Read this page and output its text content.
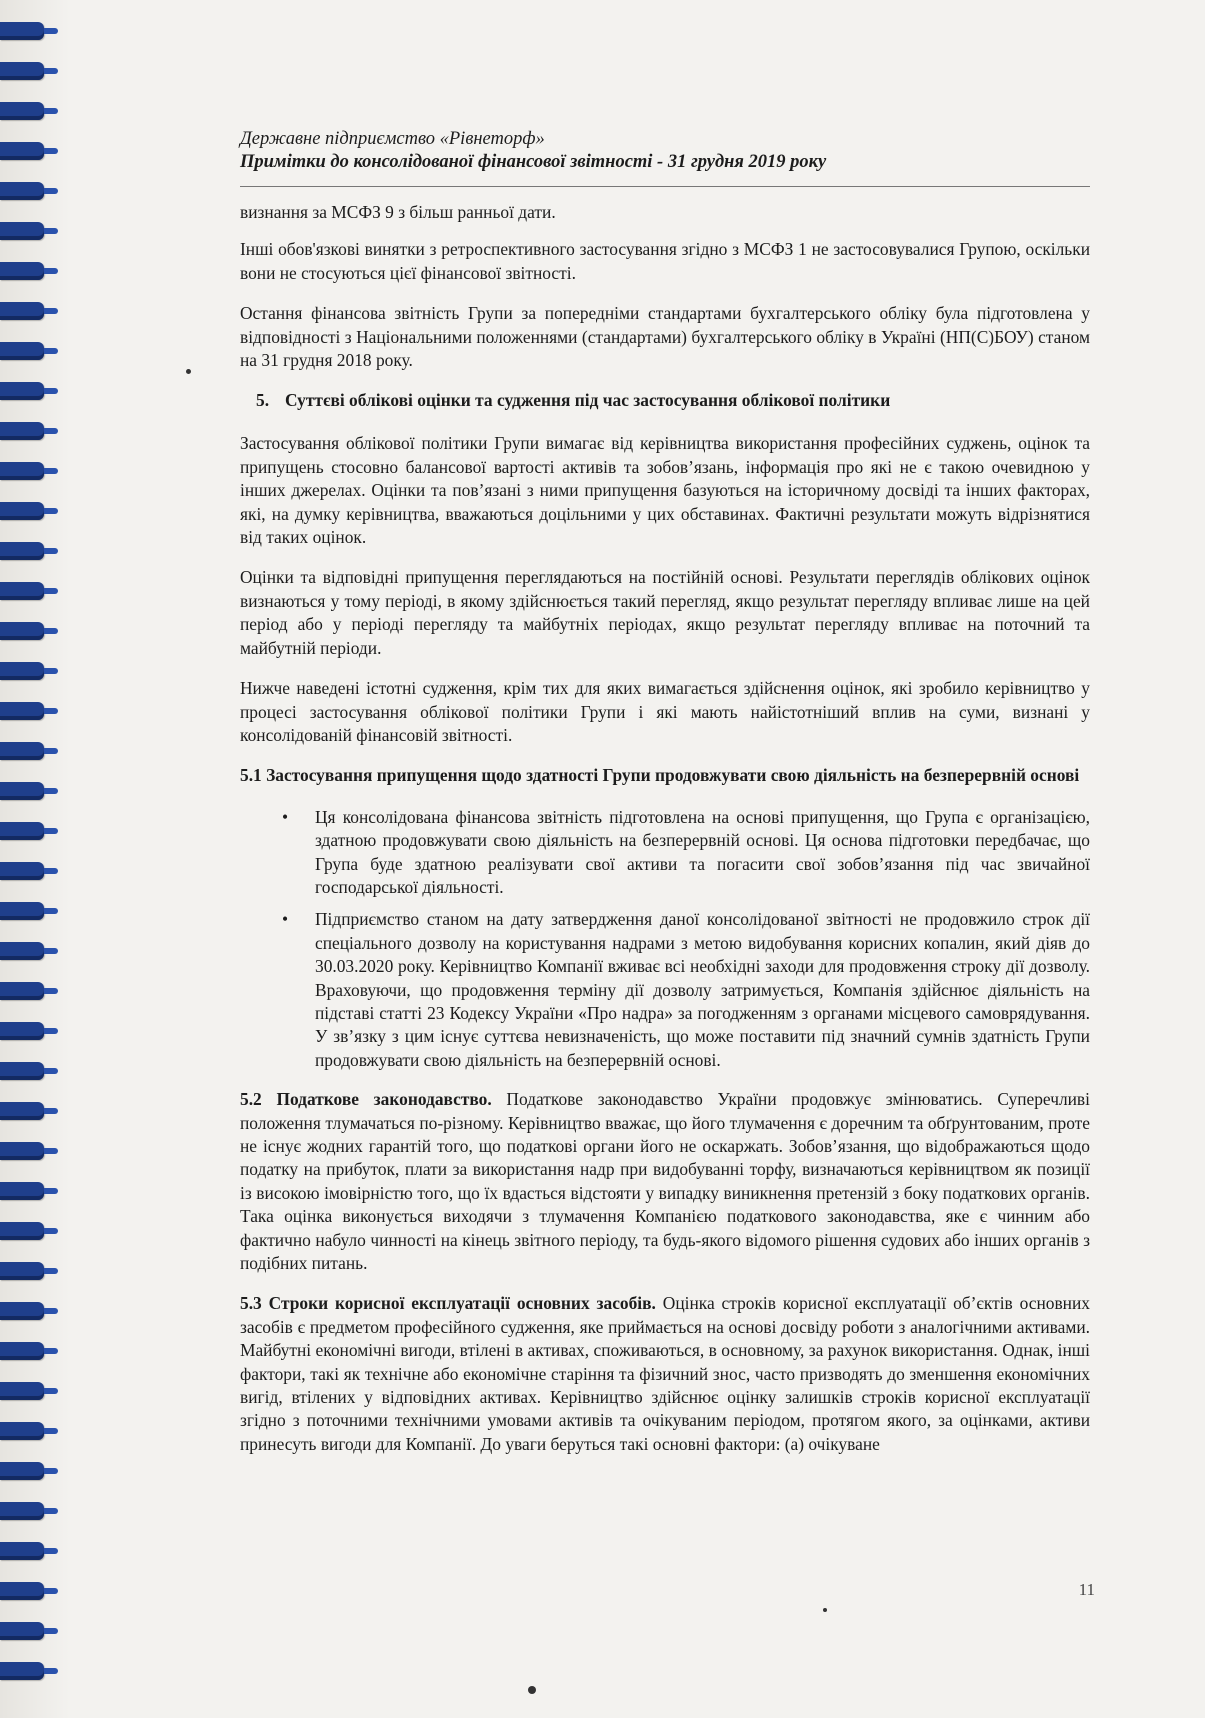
Державне підприємство «Рівнеторф»
Примітки до консолідованої фінансової звітності - 31 грудня 2019 року

визнання за МСФЗ 9 з більш ранньої дати.

Інші обов'язкові винятки з ретроспективного застосування згідно з МСФЗ 1 не застосовувалися Групою, оскільки вони не стосуються цієї фінансової звітності.

Остання фінансова звітність Групи за попередніми стандартами бухгалтерського обліку була підготовлена у відповідності з Національними положеннями (стандартами) бухгалтерського обліку в Україні (НП(С)БОУ) станом на 31 грудня 2018 року.

5. Суттєві облікові оцінки та судження під час застосування облікової політики

Застосування облікової політики Групи вимагає від керівництва використання професійних суджень, оцінок та припущень стосовно балансової вартості активів та зобов’язань, інформація про які не є такою очевидною у інших джерелах. Оцінки та пов’язані з ними припущення базуються на історичному досвіді та інших факторах, які, на думку керівництва, вважаються доцільними у цих обставинах. Фактичні результати можуть відрізнятися від таких оцінок.

Оцінки та відповідні припущення переглядаються на постійній основі. Результати переглядів облікових оцінок визнаються у тому періоді, в якому здійснюється такий перегляд, якщо результат перегляду впливає лише на цей період або у періоді перегляду та майбутніх періодах, якщо результат перегляду впливає на поточний та майбутній періоди.

Нижче наведені істотні судження, крім тих для яких вимагається здійснення оцінок, які зробило керівництво у процесі застосування облікової політики Групи і які мають найістотніший вплив на суми, визнані у консолідованій фінансовій звітності.

5.1 Застосування припущення щодо здатності Групи продовжувати свою діяльність на безперервній основі
• Ця консолідована фінансова звітність підготовлена на основі припущення, що Група є організацією, здатною продовжувати свою діяльність на безперервній основі. Ця основа підготовки передбачає, що Група буде здатною реалізувати свої активи та погасити свої зобов’язання під час звичайної господарської діяльності.
• Підприємство станом на дату затвердження даної консолідованої звітності не продовжило строк дії спеціального дозволу на користування надрами з метою видобування корисних копалин, який діяв до 30.03.2020 року. Керівництво Компанії вживає всі необхідні заходи для продовження строку дії дозволу. Враховуючи, що продовження терміну дії дозволу затримується, Компанія здійснює діяльність на підставі статті 23 Кодексу України «Про надра» за погодженням з органами місцевого самоврядування. У зв’язку з цим існує суттєва невизначеність, що може поставити під значний сумнів здатність Групи продовжувати свою діяльність на безперервній основі.

5.2 Податкове законодавство. Податкове законодавство України продовжує змінюватись. Суперечливі положення тлумачаться по-різному. Керівництво вважає, що його тлумачення є доречним та обґрунтованим, проте не існує жодних гарантій того, що податкові органи його не оскаржать. Зобов’язання, що відображаються щодо податку на прибуток, плати за використання надр при видобуванні торфу, визначаються керівництвом як позиції із високою імовірністю того, що їх вдасться відстояти у випадку виникнення претензій з боку податкових органів. Така оцінка виконується виходячи з тлумачення Компанією податкового законодавства, яке є чинним або фактично набуло чинності на кінець звітного періоду, та будь-якого відомого рішення судових або інших органів з подібних питань.

5.3 Строки корисної експлуатації основних засобів. Оцінка строків корисної експлуатації об’єктів основних засобів є предметом професійного судження, яке приймається на основі досвіду роботи з аналогічними активами. Майбутні економічні вигоди, втілені в активах, споживаються, в основному, за рахунок використання. Однак, інші фактори, такі як технічне або економічне старіння та фізичний знос, часто призводять до зменшення економічних вигід, втілених у відповідних активах. Керівництво здійснює оцінку залишків строків корисної експлуатації згідно з поточними технічними умовами активів та очікуваним періодом, протягом якого, за оцінками, активи принесуть вигоди для Компанії. До уваги беруться такі основні фактори: (а) очікуване

11
